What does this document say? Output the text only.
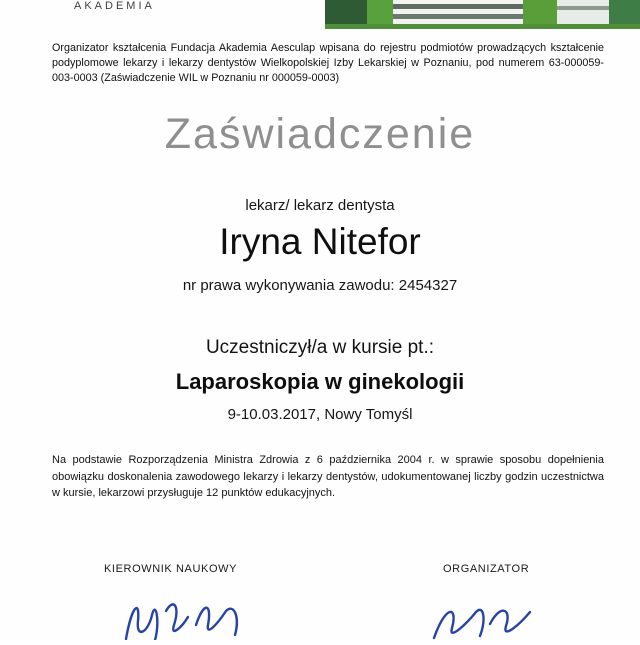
AKADEMIA
Organizator kształcenia Fundacja Akademia Aesculap wpisana do rejestru podmiotów prowadzących kształcenie podyplomowe lekarzy i lekarzy dentystów Wielkopolskiej Izby Lekarskiej w Poznaniu, pod numerem 63-000059-003-0003 (Zaświadczenie WIL w Poznaniu nr 000059-0003)
Zaświadczenie
lekarz/ lekarz dentysta
Iryna Nitefor
nr prawa wykonywania zawodu: 2454327
Uczestniczył/a w kursie pt.:
Laparoskopia w ginekologii
9-10.03.2017, Nowy Tomyśl
Na podstawie Rozporządzenia Ministra Zdrowia z 6 października 2004 r. w sprawie sposobu dopełnienia obowiązku doskonalenia zawodowego lekarzy i lekarzy dentystów, udokumentowanej liczby godzin uczestnictwa w kursie, lekarzowi przysługuje 12 punktów edukacyjnych.
KIEROWNIK NAUKOWY	ORGANIZATOR
